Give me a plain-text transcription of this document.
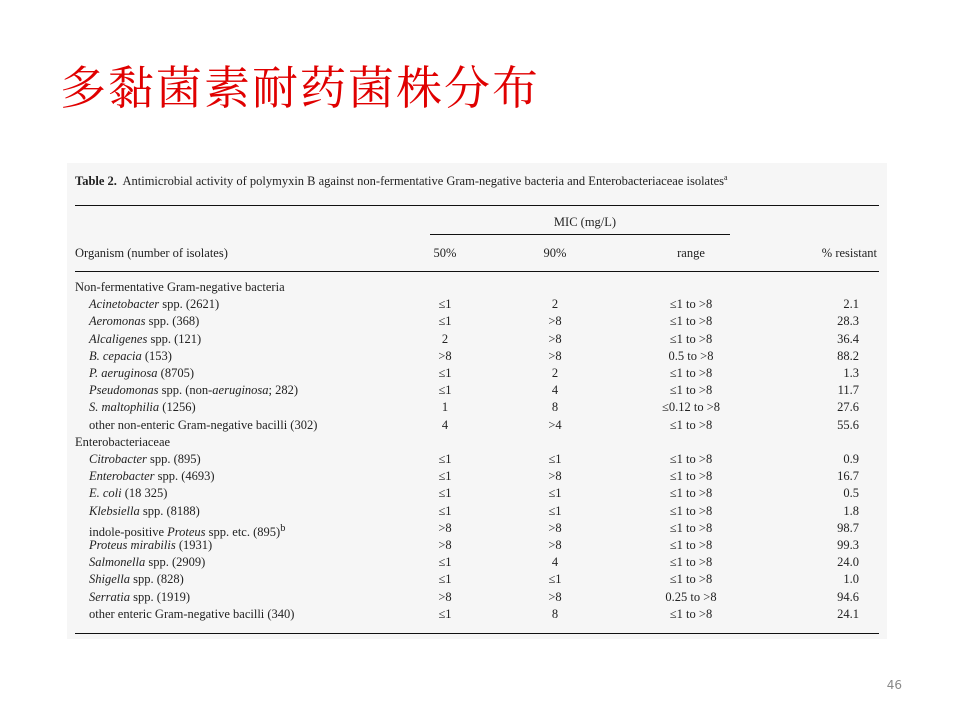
多黏菌素耐药菌株分布
Table 2. Antimicrobial activity of polymyxin B against non-fermentative Gram-negative bacteria and Enterobacteriaceae isolates$^a$
MIC (mg/L)
Organism (number of isolates)	50%	90%	range	% resistant
Non-fermentative Gram-negative bacteria
Acinetobacter spp. (2621)	≤1	2	≤1 to >8	2.1
Aeromonas spp. (368)	≤1	>8	≤1 to >8	28.3
Alcaligenes spp. (121)	2	>8	≤1 to >8	36.4
B. cepacia (153)	>8	>8	0.5 to >8	88.2
P. aeruginosa (8705)	≤1	2	≤1 to >8	1.3
Pseudomonas spp. (non-aeruginosa; 282)	≤1	4	≤1 to >8	11.7
S. maltophilia (1256)	1	8	≤0.12 to >8	27.6
other non-enteric Gram-negative bacilli (302)	4	>4	≤1 to >8	55.6
Enterobacteriaceae
Citrobacter spp. (895)	≤1	≤1	≤1 to >8	0.9
Enterobacter spp. (4693)	≤1	>8	≤1 to >8	16.7
E. coli (18 325)	≤1	≤1	≤1 to >8	0.5
Klebsiella spp. (8188)	≤1	≤1	≤1 to >8	1.8
indole-positive Proteus spp. etc. $(895)^b$	>8	>8	≤1 to >8	98.7
Proteus mirabilis (1931)	>8	>8	≤1 to >8	99.3
Salmonella spp. (2909)	≤1	4	≤1 to >8	24.0
Shigella spp. (828)	≤1	≤1	≤1 to >8	1.0
Serratia spp. (1919)	>8	>8	0.25 to >8	94.6
other enteric Gram-negative bacilli (340)	≤1	8	≤1 to >8	24.1
46
